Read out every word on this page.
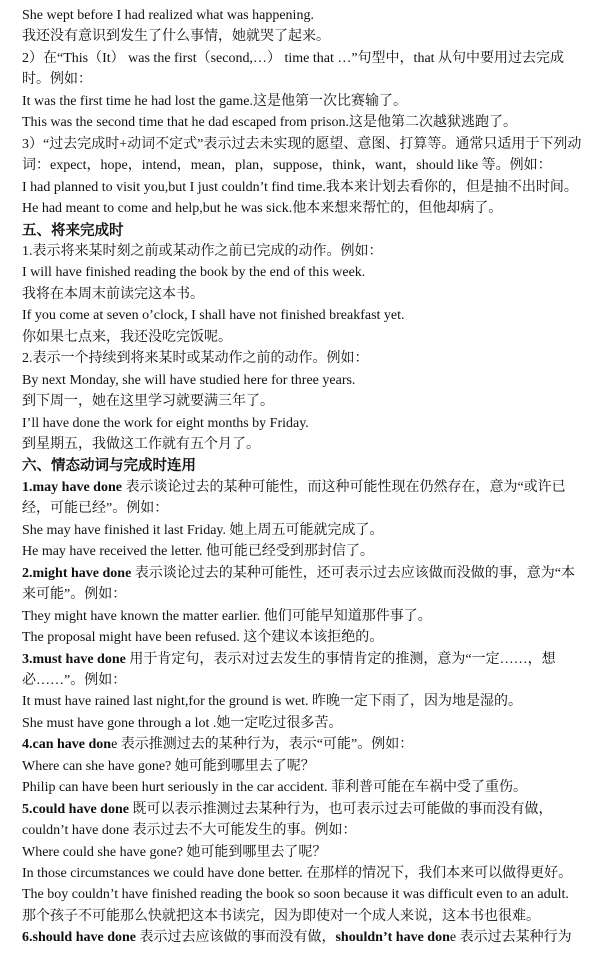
She wept before I had realized what was happening.
我还没有意识到发生了什么事情，她就哭了起来。
2）在“This（It） was the first（second,…） time that …”句型中，that 从句中要用过去完成
时。例如：
It was the first time he had lost the game.这是他第一次比赛输了。
This was the second time that he dad escaped from prison.这是他第二次越狱逃跑了。
3）“过去完成时+动词不定式”表示过去未实现的愿望、意图、打算等。通常只适用于下列动
词：expect，hope，intend，mean，plan，suppose，think，want，should like 等。例如：
I had planned to visit you,but I just couldn’t find time.我本来计划去看你的，但是抽不出时间。
He had meant to come and help,but he was sick.他本来想来帮忙的，但他却病了。
五、将来完成时
1.表示将来某时刻之前或某动作之前已完成的动作。例如：
I will have finished reading the book by the end of this week.
我将在本周末前读完这本书。
If you come at seven o’clock, I shall have not finished breakfast yet.
你如果七点来，我还没吃完饭呢。
2.表示一个持续到将来某时或某动作之前的动作。例如：
By next Monday, she will have studied here for three years.
到下周一，她在这里学习就要满三年了。
I’ll have done the work for eight months by Friday.
到星期五，我做这工作就有五个月了。
六、情态动词与完成时连用
1.may have done 表示谈论过去的某种可能性，而这种可能性现在仍然存在，意为“或许已
经，可能已经”。例如：
She may have finished it last Friday. 她上周五可能就完成了。
He may have received the letter. 他可能已经受到那封信了。
2.might have done 表示谈论过去的某种可能性，还可表示过去应该做而没做的事，意为“本
来可能”。例如：
They might have known the matter earlier. 他们可能早知道那件事了。
The proposal might have been refused. 这个建议本该拒绝的。
3.must have done 用于肯定句，表示对过去发生的事情肯定的推测，意为“一定……，想
必……”。例如：
It must have rained last night,for the ground is wet. 昨晚一定下雨了，因为地是湿的。
She must have gone through a lot .她一定吃过很多苦。
4.can have done 表示推测过去的某种行为，表示“可能”。例如：
Where can she have gone? 她可能到哪里去了呢？
Philip can have been hurt seriously in the car accident. 菲利普可能在车祸中受了重伤。
5.could have done 既可以表示推测过去某种行为，也可表示过去可能做的事而没有做，
couldn’t have done 表示过去不大可能发生的事。例如：
Where could she have gone? 她可能到哪里去了呢？
In those circumstances we could have done better. 在那样的情况下，我们本来可以做得更好。
The boy couldn’t have finished reading the book so soon because it was difficult even to an adult.
那个孩子不可能那么快就把这本书读完，因为即使对一个成人来说，这本书也很难。
6.should have done 表示过去应该做的事而没有做，shouldn’t have done 表示过去某种行为
